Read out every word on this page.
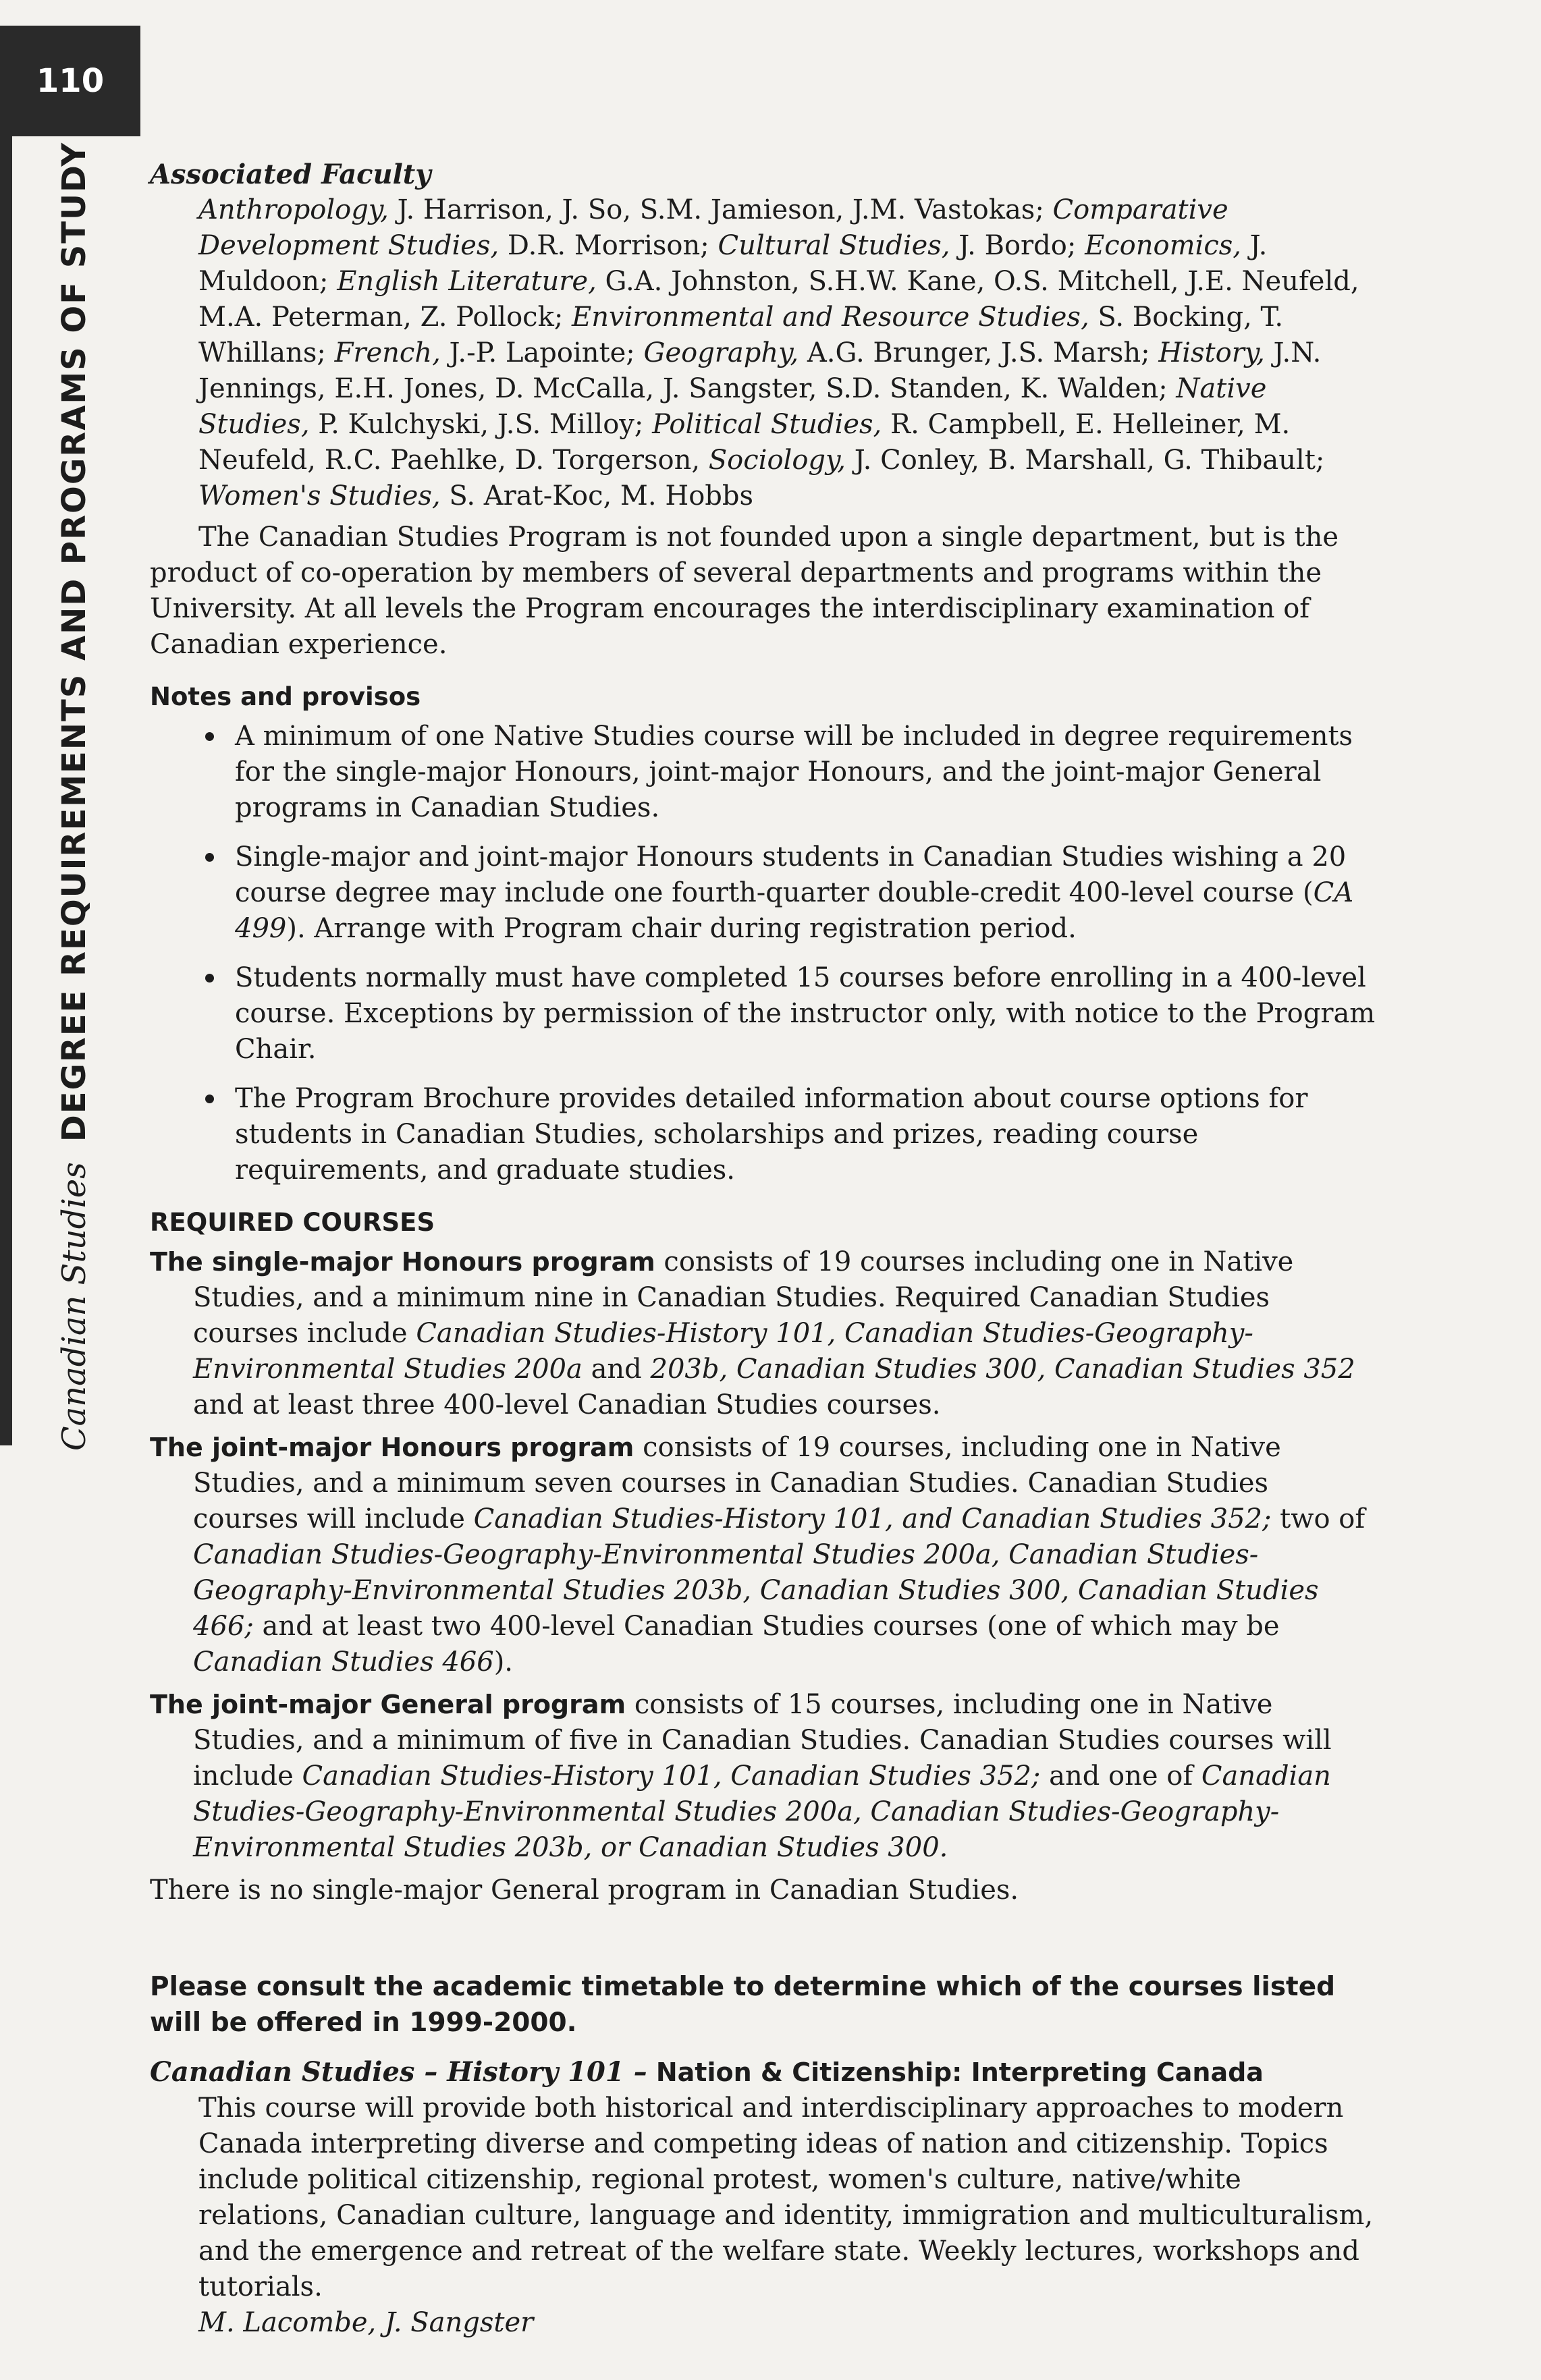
110
Canadian StudiesDEGREE REQUIREMENTS AND PROGRAMS OF STUDY Associated Faculty

Anthropology, J. Harrison, J. So, S.M. Jamieson, J.M. Vastokas; Comparative Development Studies, D.R. Morrison; Cultural Studies, J. Bordo; Economics, J. Muldoon; English Literature, G.A. Johnston, S.H.W. Kane, O.S. Mitchell, J.E. Neufeld, M.A. Peterman, Z. Pollock; Environmental and Resource Studies, S. Bocking, T. Whillans; French, J.-P. Lapointe; Geography, A.G. Brunger, J.S. Marsh; History, J.N. Jennings, E.H. Jones, D. McCalla, J. Sangster, S.D. Standen, K. Walden; Native Studies, P. Kulchyski, J.S. Milloy; Political Studies, R. Campbell, E. Helleiner, M. Neufeld, R.C. Paehlke, D. Torgerson, Sociology, J. Conley, B. Marshall, G. Thibault; Women's Studies, S. Arat-Koc, M. Hobbs

The Canadian Studies Program is not founded upon a single department, but is the product of co-operation by members of several departments and programs within the University. At all levels the Program encourages the interdisciplinary examination of Canadian experience.

Notes and provisos

A minimum of one Native Studies course will be included in degree requirements for the single-major Honours, joint-major Honours, and the joint-major General programs in Canadian Studies.
Single-major and joint-major Honours students in Canadian Studies wishing a 20 course degree may include one fourth-quarter double-credit 400-level course (CA 499). Arrange with Program chair during registration period.
Students normally must have completed 15 courses before enrolling in a 400-level course. Exceptions by permission of the instructor only, with notice to the Program Chair.
The Program Brochure provides detailed information about course options for students in Canadian Studies, scholarships and prizes, reading course requirements, and graduate studies.

REQUIRED COURSES

The single-major Honours program consists of 19 courses including one in Native Studies, and a minimum nine in Canadian Studies. Required Canadian Studies courses include Canadian Studies-History 101, Canadian Studies-Geography-Environmental Studies 200a and 203b, Canadian Studies 300, Canadian Studies 352 and at least three 400-level Canadian Studies courses.

The joint-major Honours program consists of 19 courses, including one in Native Studies, and a minimum seven courses in Canadian Studies. Canadian Studies courses will include Canadian Studies-History 101, and Canadian Studies 352; two of Canadian Studies-Geography-Environmental Studies 200a, Canadian Studies-Geography-Environmental Studies 203b, Canadian Studies 300, Canadian Studies 466; and at least two 400-level Canadian Studies courses (one of which may be Canadian Studies 466).

The joint-major General program consists of 15 courses, including one in Native Studies, and a minimum of five in Canadian Studies. Canadian Studies courses will include Canadian Studies-History 101, Canadian Studies 352; and one of Canadian Studies-Geography-Environmental Studies 200a, Canadian Studies-Geography-Environmental Studies 203b, or Canadian Studies 300.

There is no single-major General program in Canadian Studies.

Please consult the academic timetable to determine which of the courses listed will be offered in 1999-2000.

Canadian Studies – History 101 – Nation & Citizenship: Interpreting Canada

This course will provide both historical and interdisciplinary approaches to modern Canada interpreting diverse and competing ideas of nation and citizenship. Topics include political citizenship, regional protest, women's culture, native/white relations, Canadian culture, language and identity, immigration and multiculturalism, and the emergence and retreat of the welfare state. Weekly lectures, workshops and tutorials.

M. Lacombe, J. Sangster
